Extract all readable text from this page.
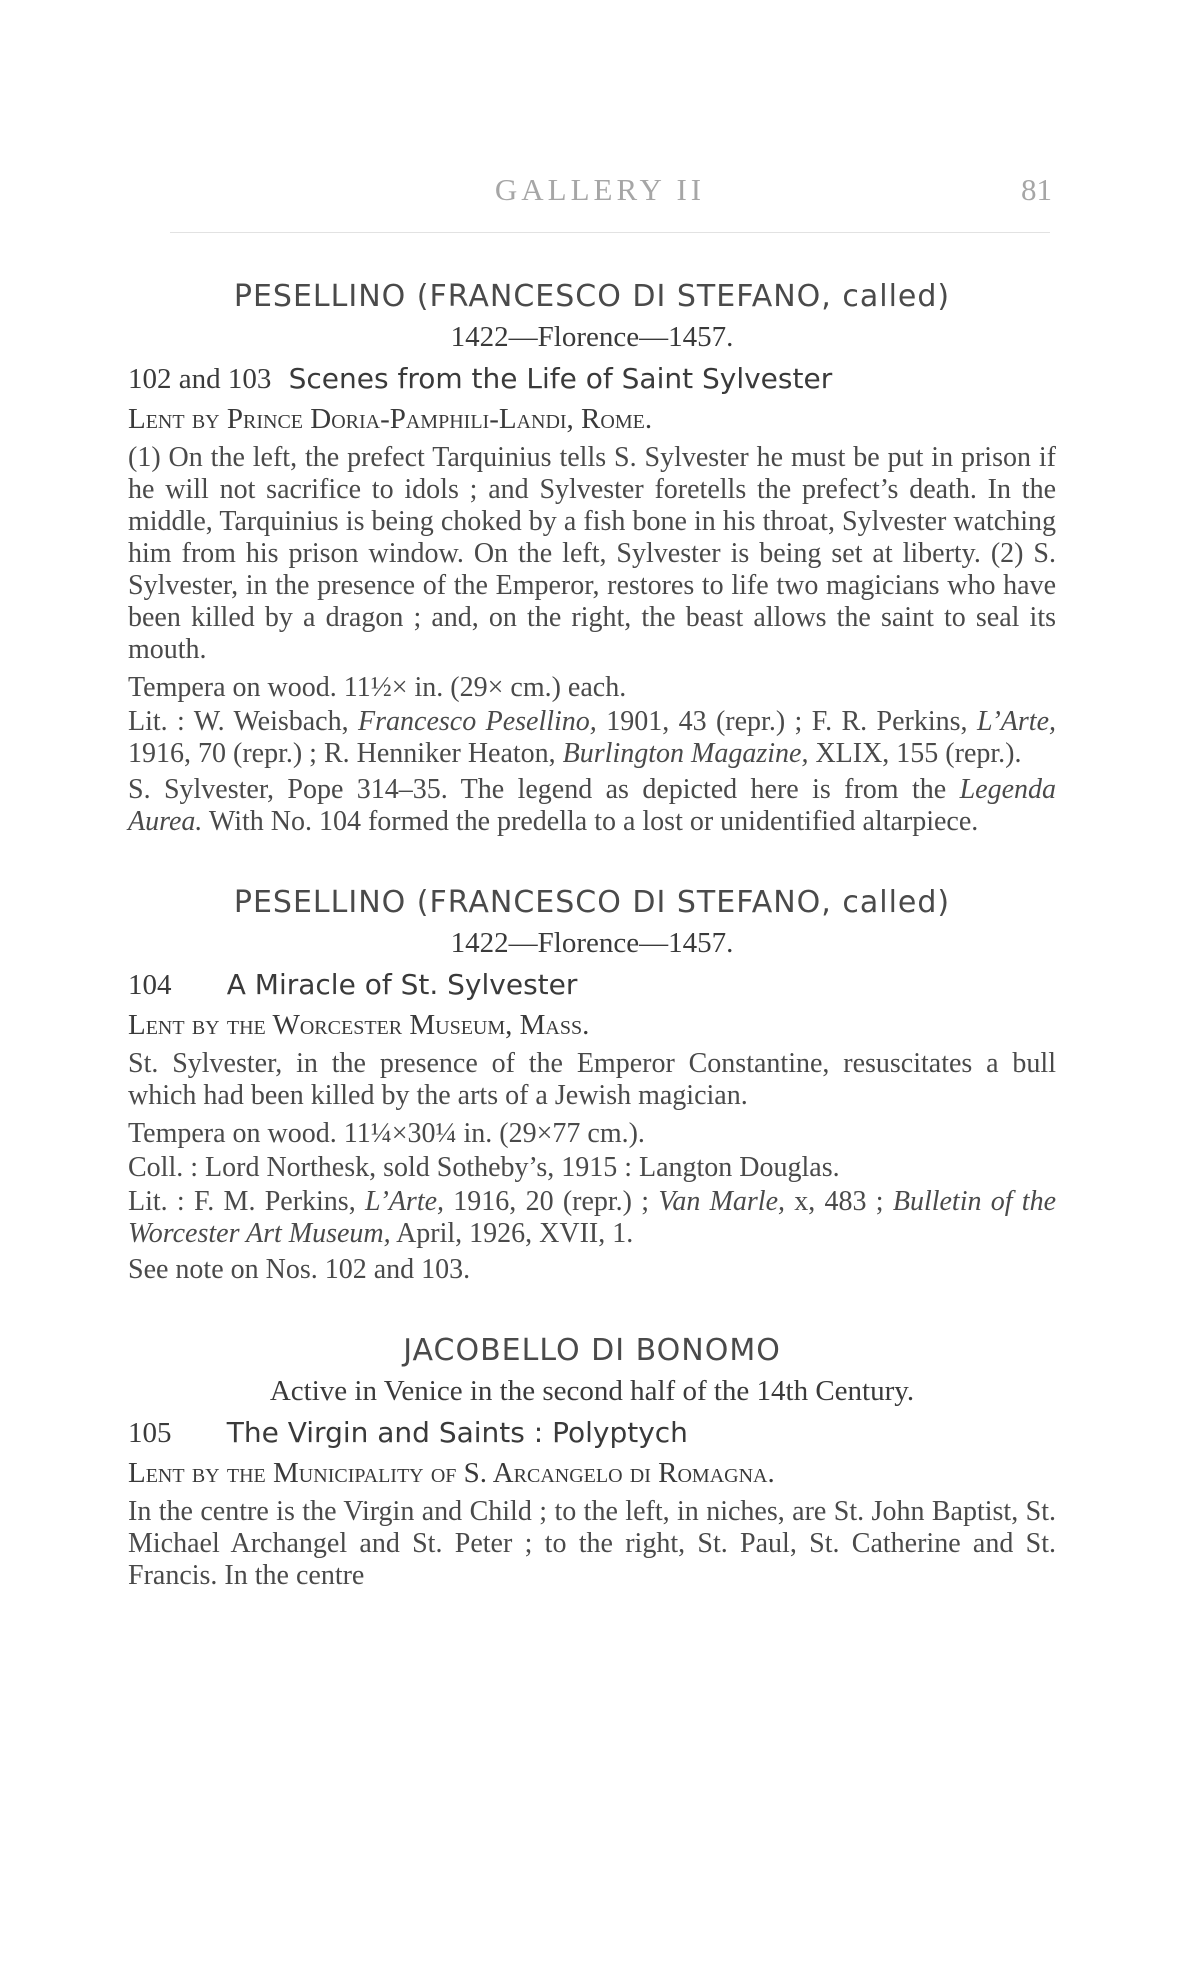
GALLERY II	81

PESELLINO (FRANCESCO DI STEFANO, called)

1422—Florence—1457.

102 and 103 Scenes from the Life of Saint Sylvester

Lent by Prince Doria-Pamphili-Landi, Rome.

(1) On the left, the prefect Tarquinius tells S. Sylvester he must be put in prison if he will not sacrifice to idols ; and Sylvester foretells the prefect’s death. In the middle, Tarquinius is being choked by a fish bone in his throat, Sylvester watching him from his prison window. On the left, Sylvester is being set at liberty. (2) S. Sylvester, in the presence of the Emperor, restores to life two magicians who have been killed by a dragon ; and, on the right, the beast allows the saint to seal its mouth.

Tempera on wood. 11½× in. (29× cm.) each.

Lit. : W. Weisbach, Francesco Pesellino, 1901, 43 (repr.) ; F. R. Perkins, L’Arte, 1916, 70 (repr.) ; R. Henniker Heaton, Burlington Magazine, XLIX, 155 (repr.).

S. Sylvester, Pope 314–35. The legend as depicted here is from the Legenda Aurea. With No. 104 formed the predella to a lost or unidentified altarpiece.

PESELLINO (FRANCESCO DI STEFANO, called)

1422—Florence—1457.

104 A Miracle of St. Sylvester

Lent by the Worcester Museum, Mass.

St. Sylvester, in the presence of the Emperor Constantine, resuscitates a bull which had been killed by the arts of a Jewish magician.

Tempera on wood. 11¼×30¼ in. (29×77 cm.).

Coll. : Lord Northesk, sold Sotheby’s, 1915 : Langton Douglas.

Lit. : F. M. Perkins, L’Arte, 1916, 20 (repr.) ; Van Marle, x, 483 ; Bulletin of the Worcester Art Museum, April, 1926, XVII, 1.

See note on Nos. 102 and 103.

JACOBELLO DI BONOMO

Active in Venice in the second half of the 14th Century.

105 The Virgin and Saints : Polyptych

Lent by the Municipality of S. Arcangelo di Romagna.

In the centre is the Virgin and Child ; to the left, in niches, are St. John Baptist, St. Michael Archangel and St. Peter ; to the right, St. Paul, St. Catherine and St. Francis. In the centre
